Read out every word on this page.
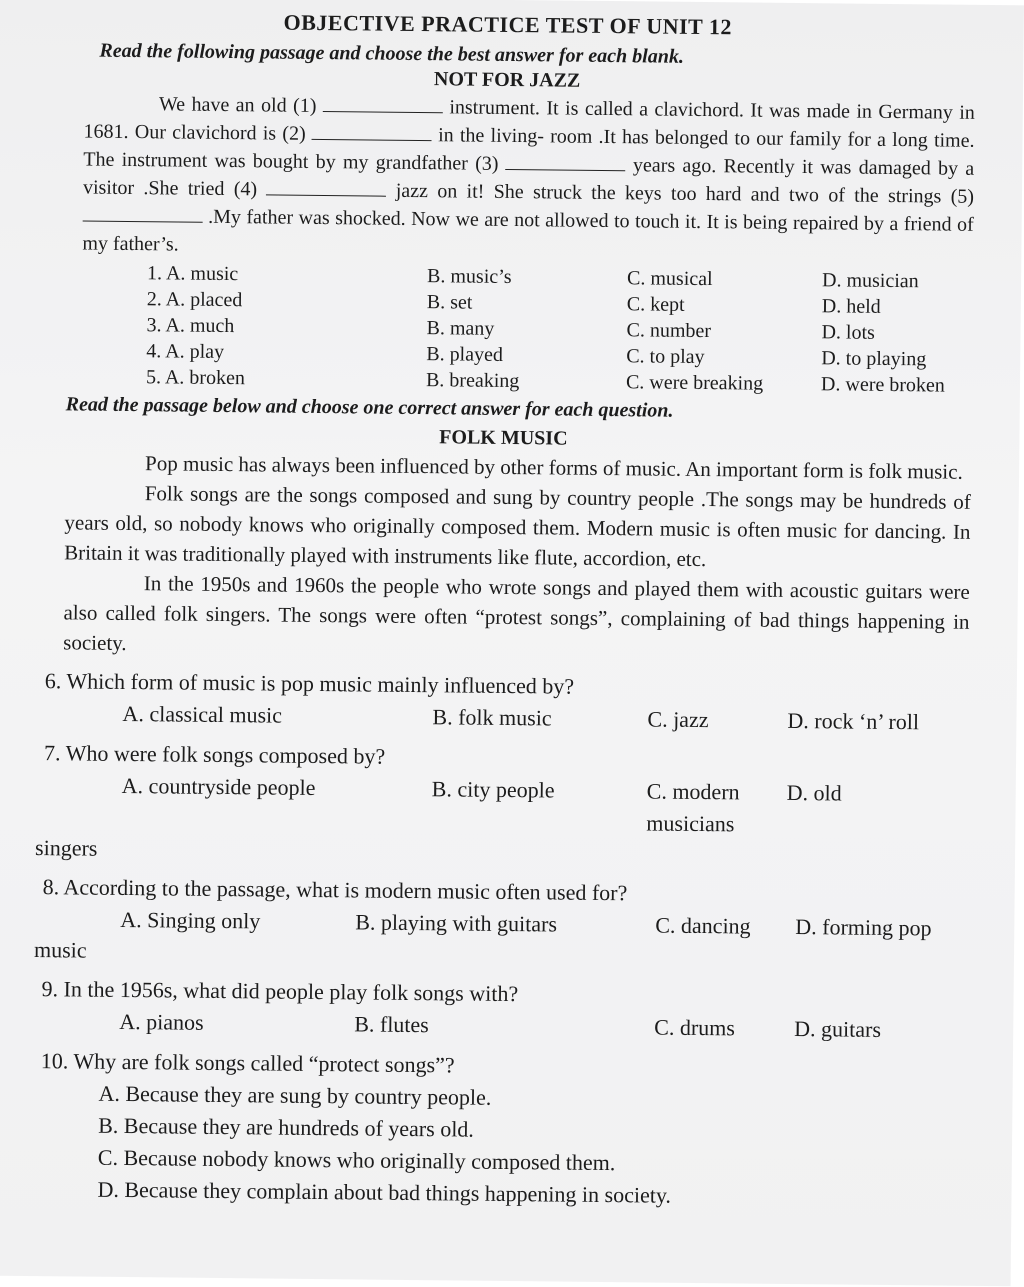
OBJECTIVE PRACTICE TEST OF UNIT 12
Read the following passage and choose the best answer for each blank.
NOT FOR JAZZ
We have an old (1)	instrument. It is called a clavichord. It was made in Germany in 1681. Our clavichord is (2)	in the living- room .It has belonged to our family for a long time. The instrument was bought by my grandfather (3)	years ago. Recently it was damaged by a visitor .She tried (4)	jazz on it! She struck the keys too hard and two of the strings (5)  .My father was shocked. Now we are not allowed to touch it. It is being repaired by a friend of my father’s.
1. A. music	B. music’s	C. musical	D. musician
2. A. placed	B. set	C. kept	D. held
3. A. much	B. many	C. number	D. lots
4. A. play	B. played	C. to play	D. to playing
5. A. broken	B. breaking	C. were breaking	D. were broken
Read the passage below and choose one correct answer for each question.
FOLK MUSIC
Pop music has always been influenced by other forms of music. An important form is folk music.
Folk songs are the songs composed and sung by country people .The songs may be hundreds of years old, so nobody knows who originally composed them. Modern music is often music for dancing. In Britain it was traditionally played with instruments like flute, accordion, etc.
In the 1950s and 1960s the people who wrote songs and played them with acoustic guitars were also called folk singers. The songs were often “protest songs”, complaining of bad things happening in society.
6. Which form of music is pop music mainly influenced by?
A. classical music	B. folk music	C. jazz	D. rock ‘n’ roll
7. Who were folk songs composed by?
A. countryside people	B. city people	C. modern musicians
D. old
singers
8. According to the passage, what is modern music often used for?
A. Singing only	B. playing with guitars	C. dancing	D. forming pop
music
9. In the 1956s, what did people play folk songs with?
A. pianos	B. flutes	C. drums	D. guitars
10. Why are folk songs called “protect songs”?
A. Because they are sung by country people.
B. Because they are hundreds of years old.
C. Because nobody knows who originally composed them.
D. Because they complain about bad things happening in society.
